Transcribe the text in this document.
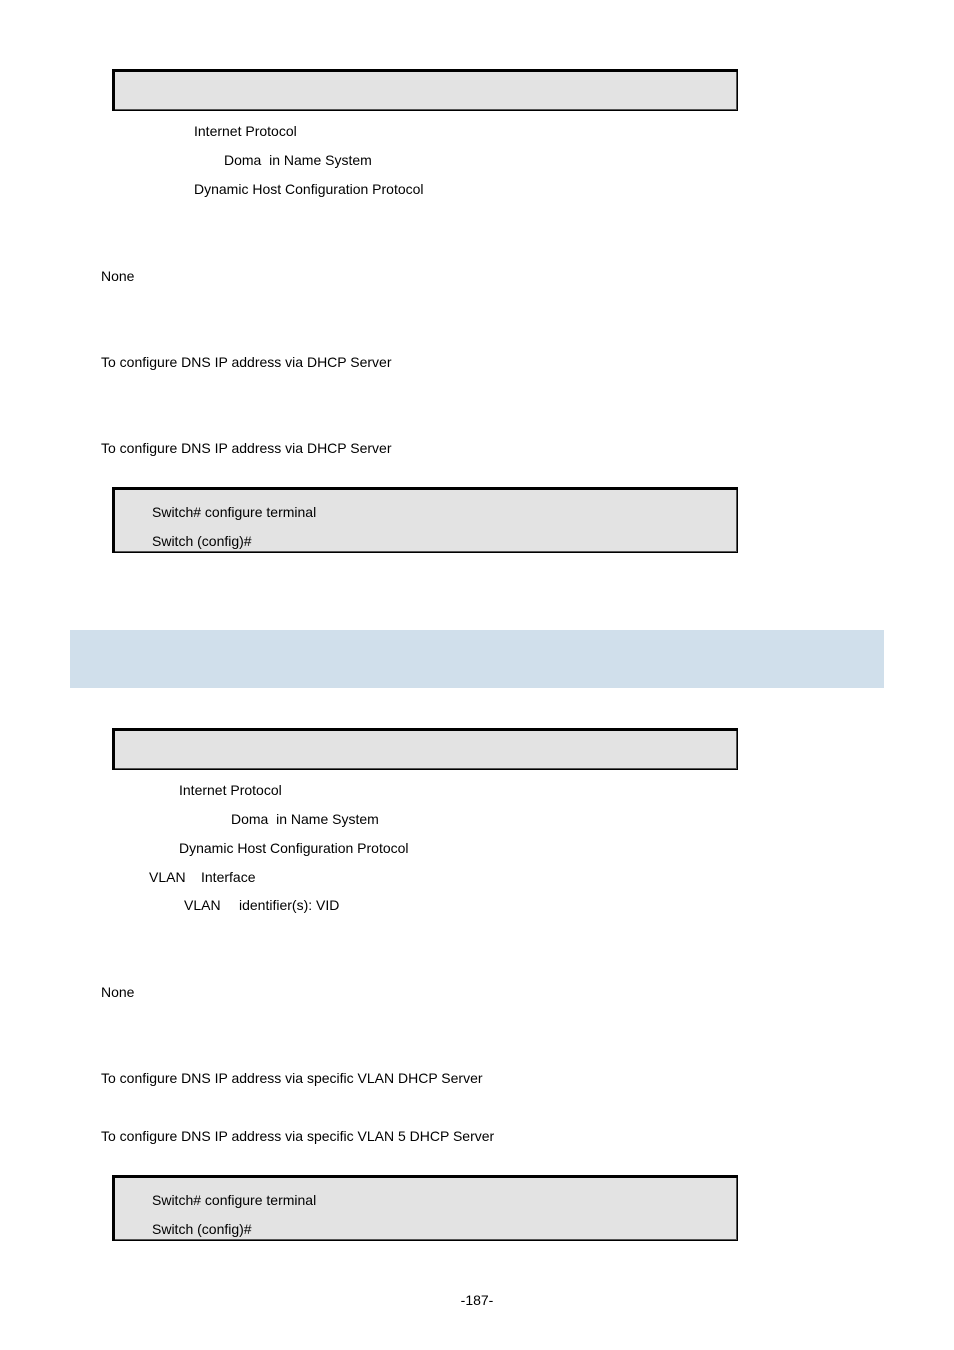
Internet Protocol
Doma  in Name System
Dynamic Host Configuration Protocol
None
To configure DNS IP address via DHCP Server
To configure DNS IP address via DHCP Server
Switch# configure terminal
Switch (config)#
Internet Protocol
Doma  in Name System
Dynamic Host Configuration Protocol
VLAN Interface
VLAN identifier(s): VID
None
To configure DNS IP address via specific VLAN DHCP Server
To configure DNS IP address via specific VLAN 5 DHCP Server
Switch# configure terminal
Switch (config)#
-187-
